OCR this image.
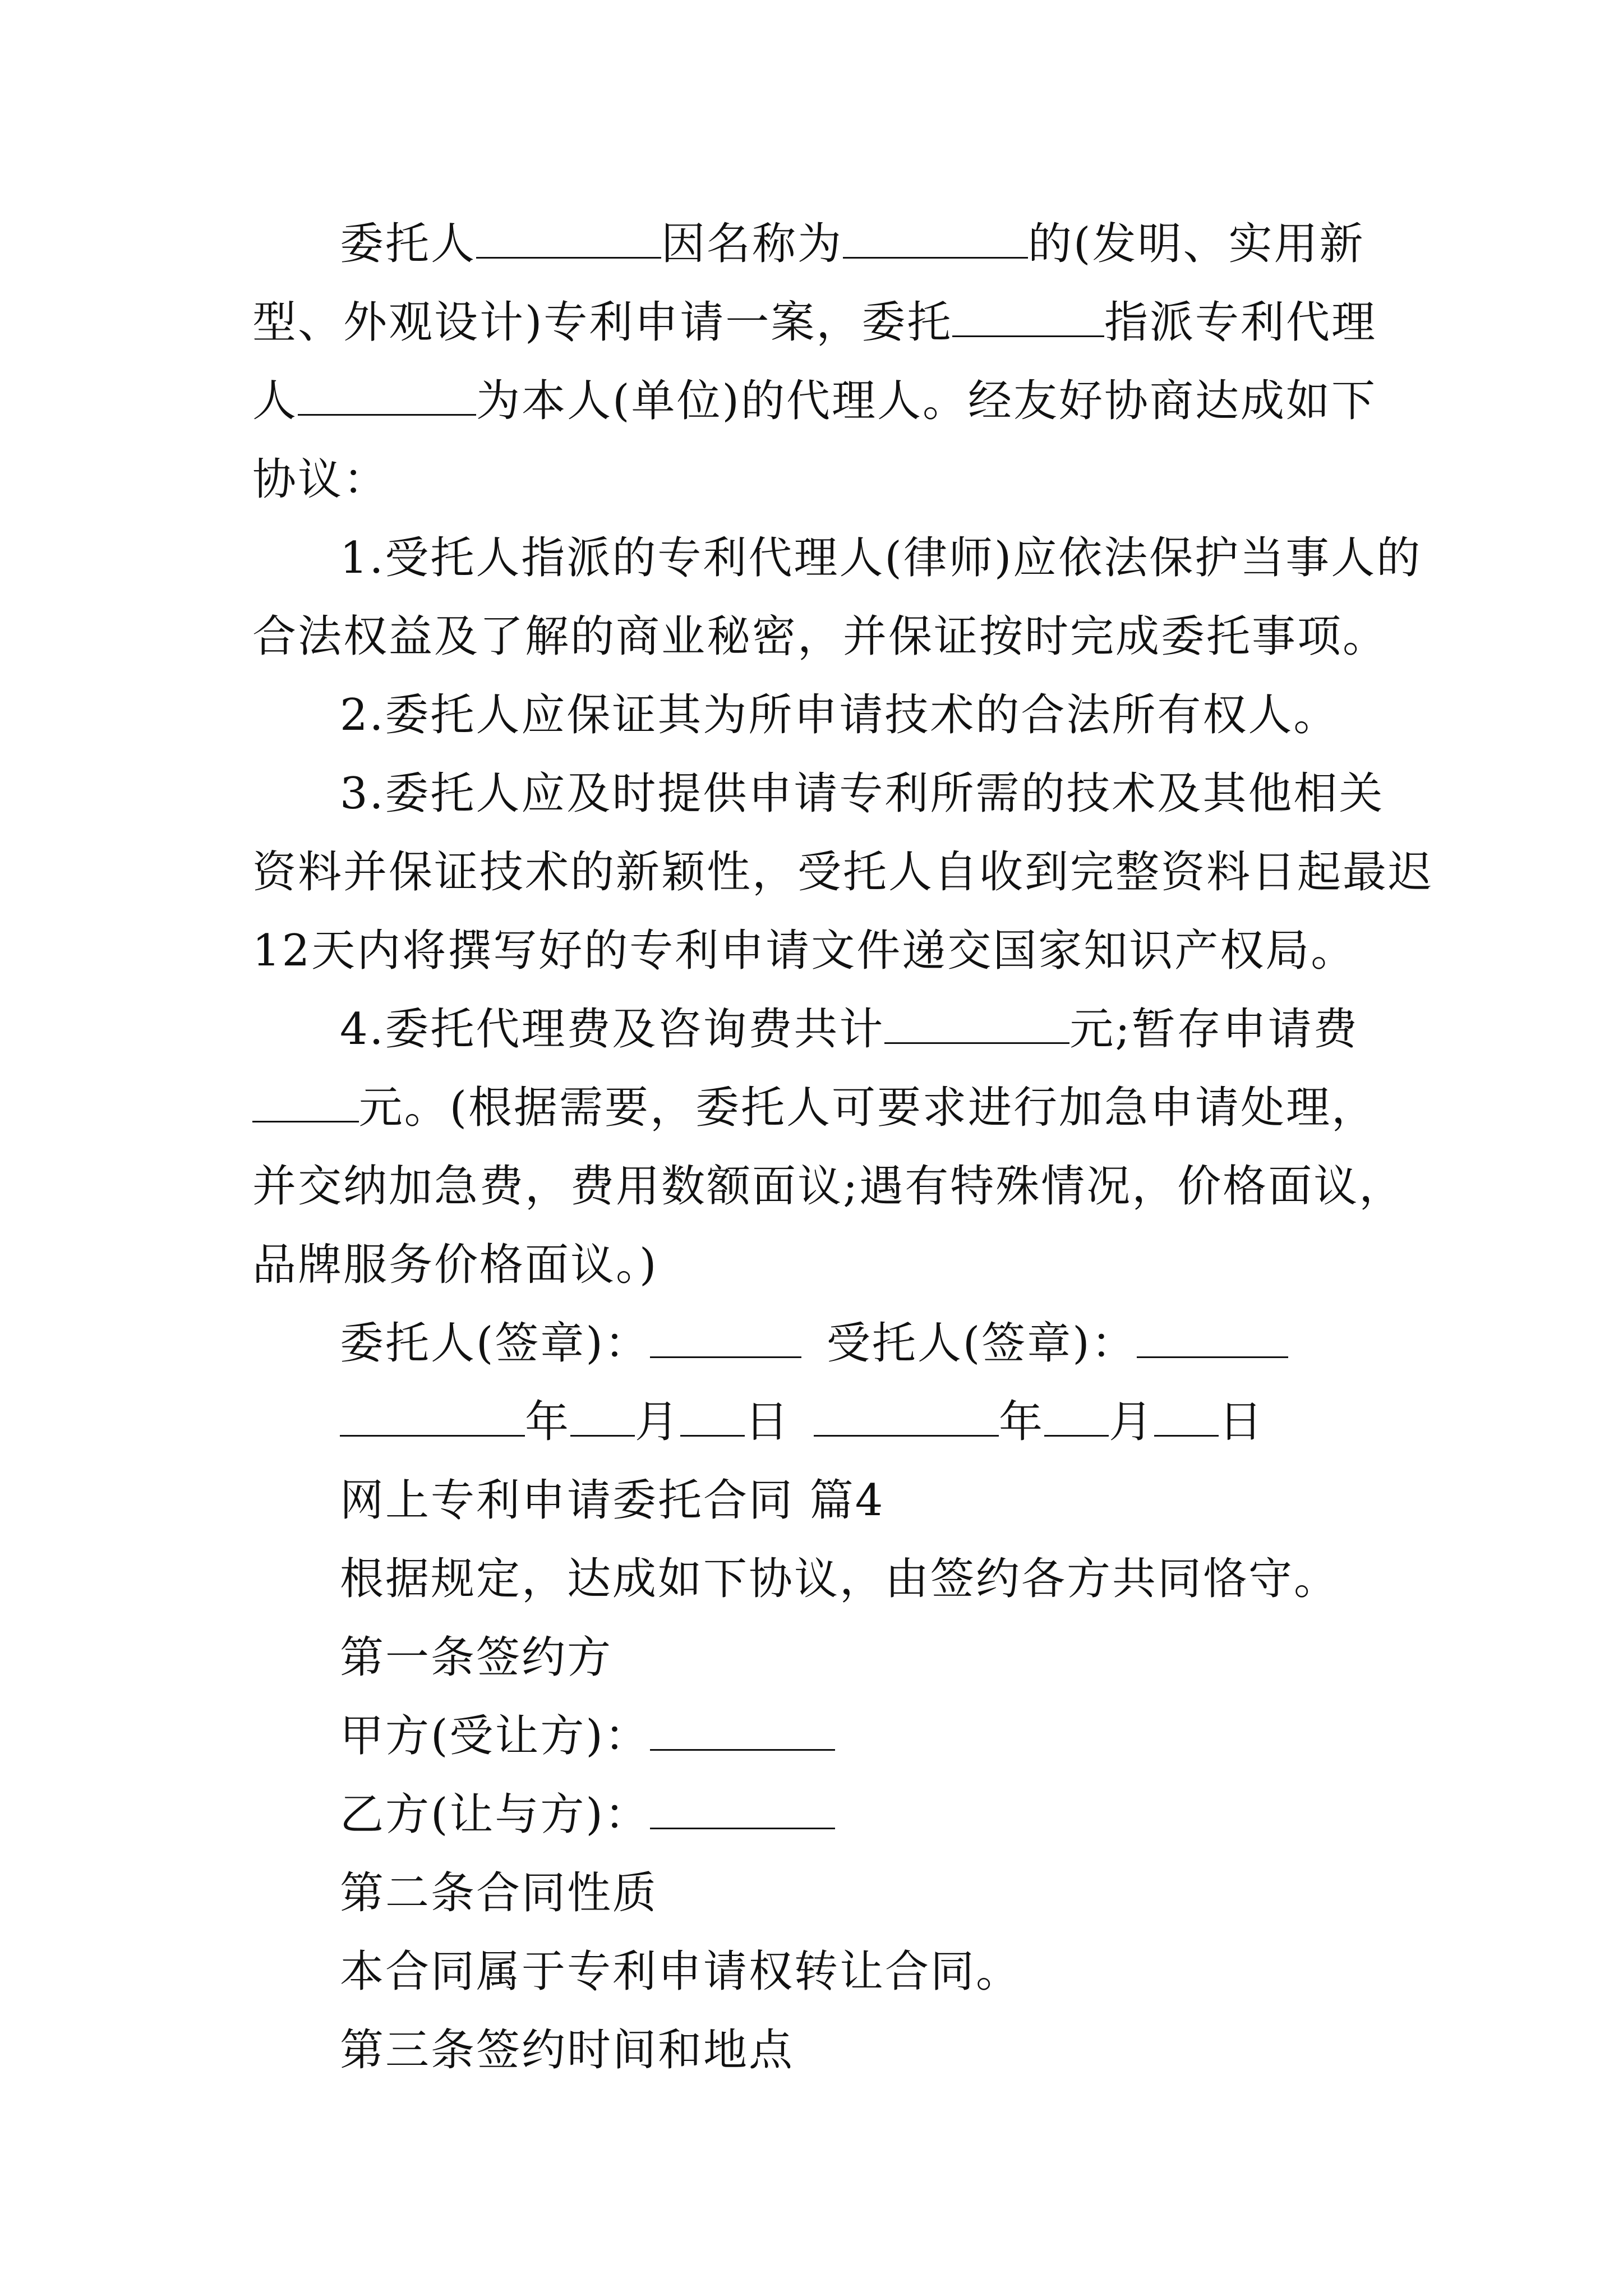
委托人	因名称为	的(发明、实用新
型、外观设计)专利申请一案，委托	指派专利代理
人	为本人(单位)的代理人。经友好协商达成如下
协议：
1.受托人指派的专利代理人(律师)应依法保护当事人的
合法权益及了解的商业秘密，并保证按时完成委托事项。
2.委托人应保证其为所申请技术的合法所有权人。
3.委托人应及时提供申请专利所需的技术及其他相关
资料并保证技术的新颖性，受托人自收到完整资料日起最迟
12天内将撰写好的专利申请文件递交国家知识产权局。
4.委托代理费及咨询费共计	元;暂存申请费
元。(根据需要，委托人可要求进行加急申请处理，
并交纳加急费，费用数额面议;遇有特殊情况，价格面议，
品牌服务价格面议。)
委托人(签章)：	受托人(签章)：
年 月 日	年 月 日
网上专利申请委托合同 篇4
根据规定，达成如下协议，由签约各方共同恪守。
第一条签约方
甲方(受让方)：
乙方(让与方)：
第二条合同性质
本合同属于专利申请权转让合同。
第三条签约时间和地点
